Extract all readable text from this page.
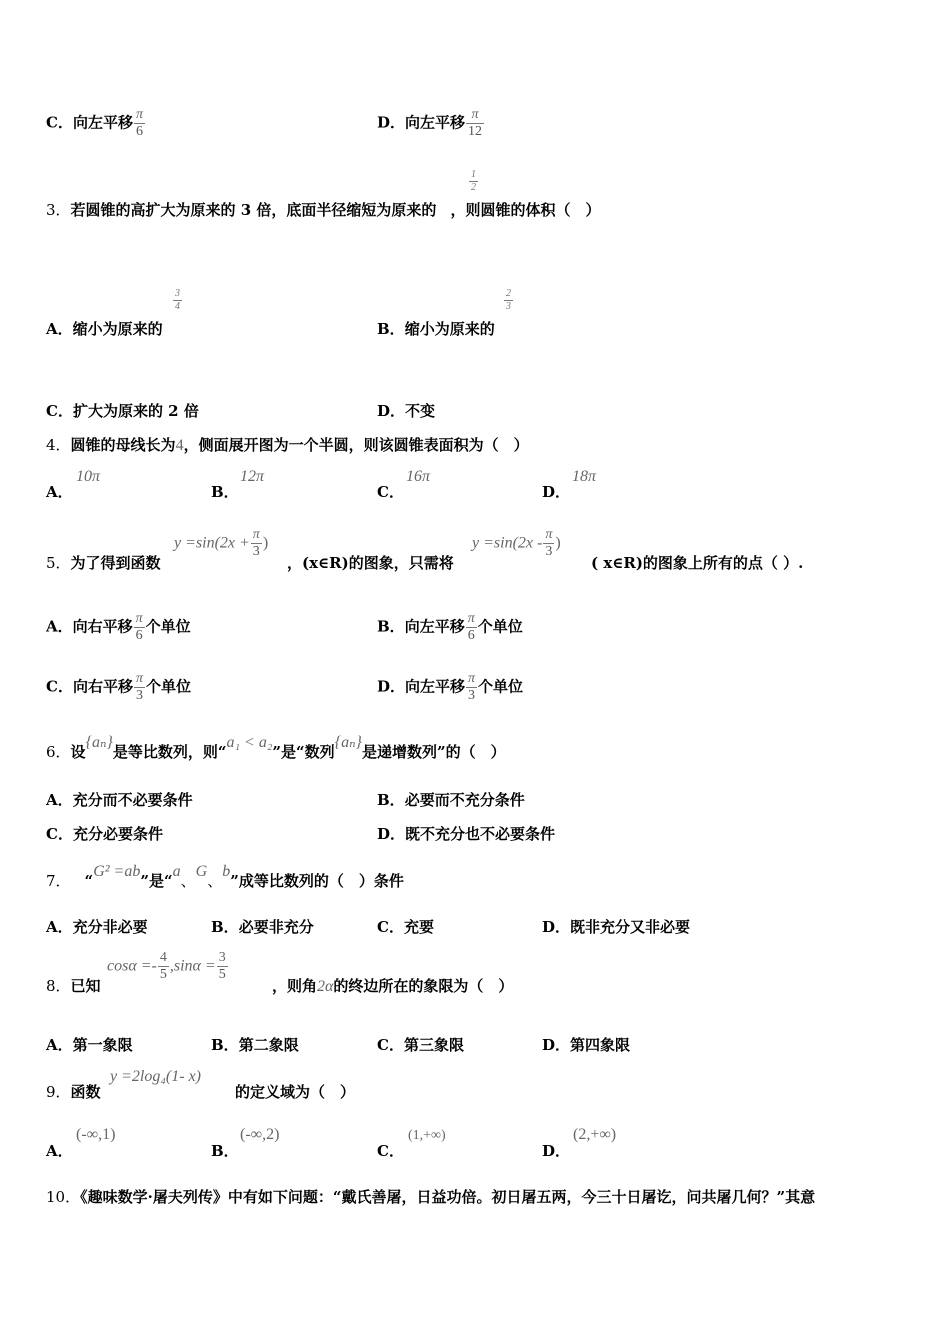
C．向左平移 $\frac{\pi}{6}$	D．向左平移 $\frac{\pi}{12}$
$\frac{1}{2}$
3．若圆锥的高扩大为原来的 3 倍，底面半径缩短为原来的 ，则圆锥的体积（　）
$\frac{3}{4}$
A．缩小为原来的
$\frac{2}{3}$
B．缩小为原来的
C．扩大为原来的 2 倍	D．不变
4．圆锥的母线长为4，侧面展开图为一个半圆，则该圆锥表面积为（　）
A．
10π
B．
12π
C．
16π
D．
18π
5．为了得到函数
$y =\sin(2x + \frac{\pi}{3}$ )
，(x∈R)的图象，只需将
$y =\sin(2x - \frac{\pi}{3}$ )
( x∈R)的图象上所有的点（ ）.
A．向右平移 $\frac{\pi}{6}$ 个单位	B．向左平移 $\frac{\pi}{6}$ 个单位
C．向右平移 $\frac{\pi}{3}$ 个单位	D．向左平移 $\frac{\pi}{3}$ 个单位
6．设{aₙ}是等比数列，则“a₁ < a₂”是“数列{aₙ}是递增数列”的（　）
A．充分而不必要条件	B．必要而不充分条件
C．充分必要条件	D．既不充分也不必要条件
7． “G² =ab”是“a、G、b”成等比数列的（　）条件
A．充分非必要	B．必要非充分	C．充要	D．既非充分又非必要
8．已知
$\cos\alpha =- \frac{4}{5} ,\sin\alpha = \frac{3}{5}$
，则角2α的终边所在的象限为（　）
A．第一象限	B．第二象限	C．第三象限	D．第四象限
9．函数
y =2log₄(1- x)
的定义域为（　）
A．
(-∞,1)
B．
(-∞,2)
C．
(1,+∞)
D．
(2,+∞)
10．《趣味数学·屠夫列传》中有如下问题：“戴氏善屠，日益功倍。初日屠五两，今三十日屠讫，问共屠几何？”其意
